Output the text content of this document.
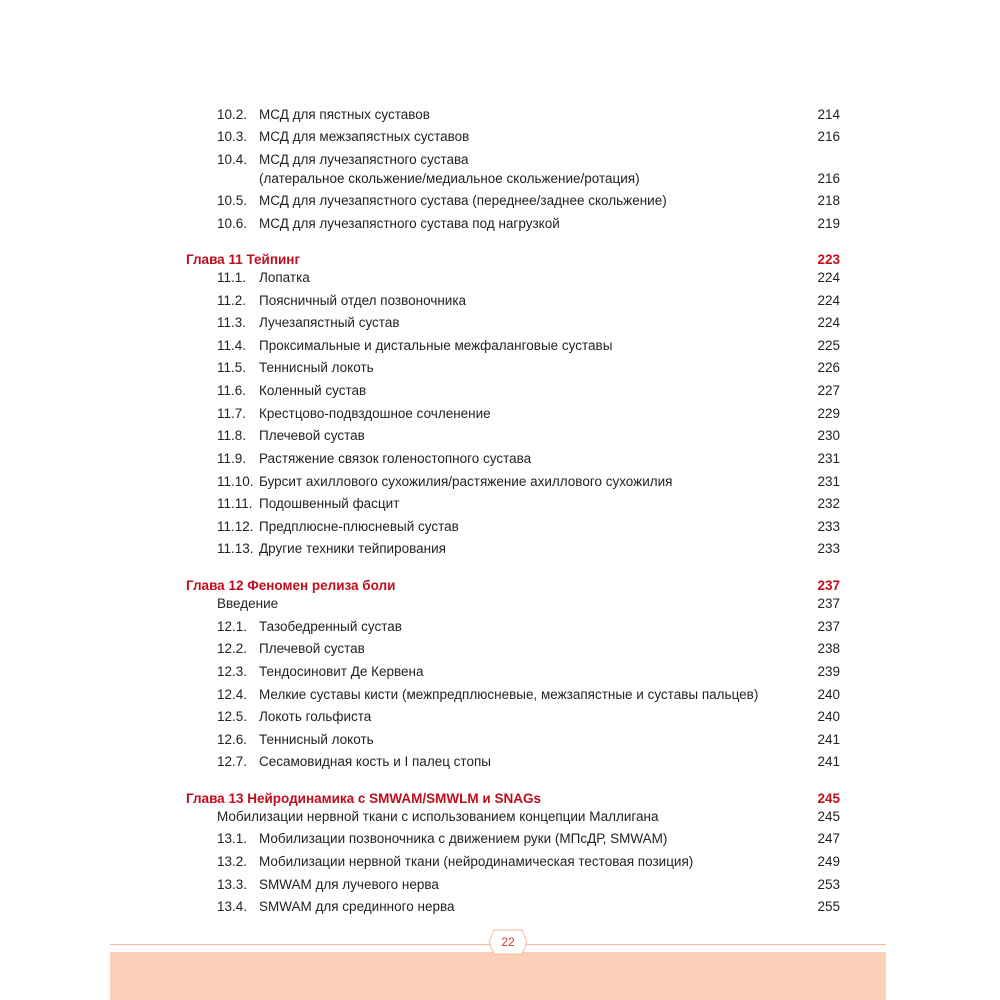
10.2. МСД для пястных суставов	214
10.3. МСД для межзапястных суставов	216
10.4. МСД для лучезапястного сустава
(латеральное скольжение/медиальное скольжение/ротация)	216
10.5. МСД для лучезапястного сустава (переднее/заднее скольжение)	218
10.6. МСД для лучезапястного сустава под нагрузкой	219
Глава 11 Тейпинг	223
11.1. Лопатка	224
11.2. Поясничный отдел позвоночника	224
11.3. Лучезапястный сустав	224
11.4. Проксимальные и дистальные межфаланговые суставы	225
11.5. Теннисный локоть	226
11.6. Коленный сустав	227
11.7. Крестцово-подвздошное сочленение	229
11.8. Плечевой сустав	230
11.9. Растяжение связок голеностопного сустава	231
11.10. Бурсит ахиллового сухожилия/растяжение ахиллового сухожилия	231
11.11. Подошвенный фасцит	232
11.12. Предплюсне-плюсневый сустав	233
11.13. Другие техники тейпирования	233
Глава 12 Феномен релиза боли	237
Введение	237
12.1. Тазобедренный сустав	237
12.2. Плечевой сустав	238
12.3. Тендосиновит Де Кервена	239
12.4. Мелкие суставы кисти (межпредплюсневые, межзапястные и суставы пальцев)	240
12.5. Локоть гольфиста	240
12.6. Теннисный локоть	241
12.7. Сесамовидная кость и I палец стопы	241
Глава 13 Нейродинамика с SMWAM/SMWLM и SNAGs	245
Мобилизации нервной ткани с использованием концепции Маллигана	245
13.1. Мобилизации позвоночника с движением руки (МПсДР, SMWAM)	247
13.2. Мобилизации нервной ткани (нейродинамическая тестовая позиция)	249
13.3. SMWAM для лучевого нерва	253
13.4. SMWAM для срединного нерва	255
22
